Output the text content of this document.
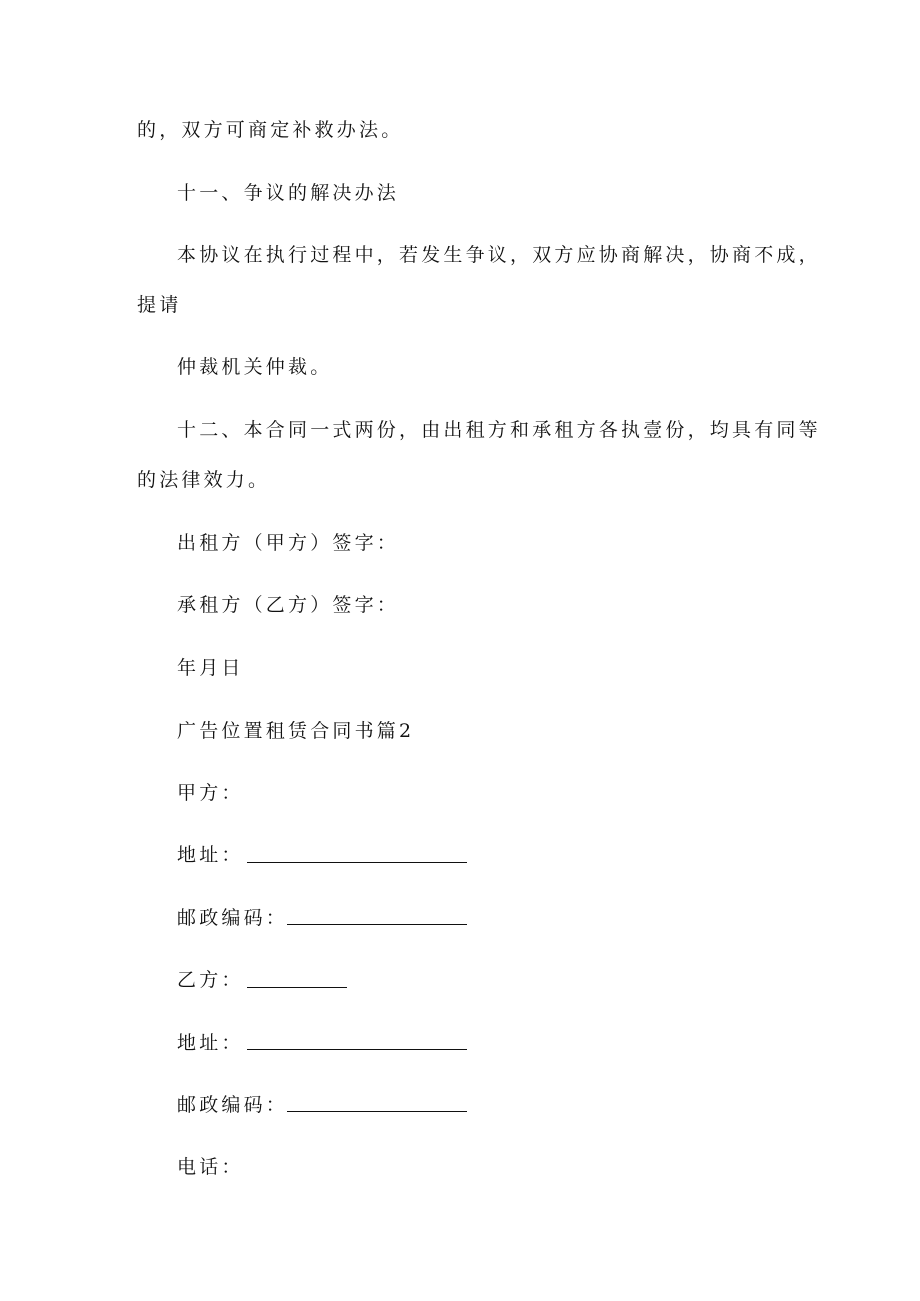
的，双方可商定补救办法。
十一、争议的解决办法
本协议在执行过程中，若发生争议，双方应协商解决，协商不成，
提请
仲裁机关仲裁。
十二、本合同一式两份，由出租方和承租方各执壹份，均具有同等
的法律效力。
出租方（甲方）签字：
承租方（乙方）签字：
年月日
广告位置租赁合同书篇2
甲方：
地址：
邮政编码：
乙方：
地址：
邮政编码：
电话：
